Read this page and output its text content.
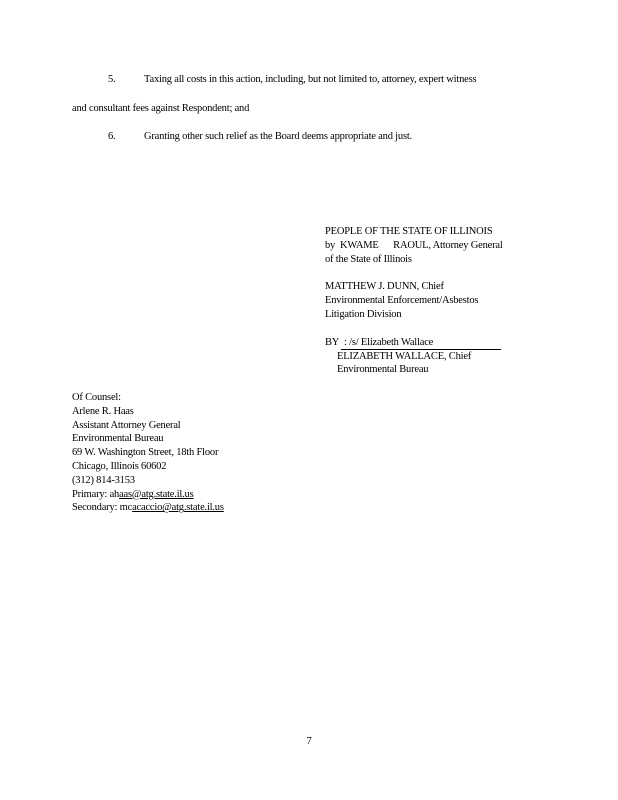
5.	Taxing all costs in this action, including, but not limited to, attorney, expert witness
and consultant fees against Respondent; and
6.	Granting other such relief as the Board deems appropriate and just.
PEOPLE OF THE STATE OF ILLINOIS
by  KWAME      RAOUL, Attorney General
of the State of Illinois
MATTHEW J. DUNN, Chief
Environmental Enforcement/Asbestos
Litigation Division
BY : /s/ Elizabeth Wallace
ELIZABETH WALLACE, Chief
Environmental Bureau
Of Counsel:
Arlene R. Haas
Assistant Attorney General
Environmental Bureau
69 W. Washington Street, 18th Floor
Chicago, Illinois 60602
(312) 814-3153
Primary: ahaas@atg.state.il.us
Secondary: mcacaccio@atg.state.il.us
7
